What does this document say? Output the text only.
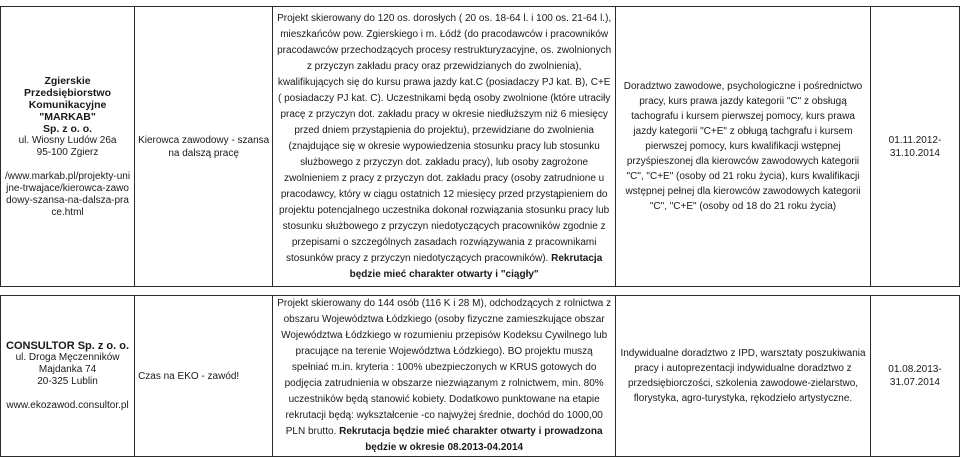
Zgierskie Przedsiębiorstwo

Komunikacyjne "MARKAB"

Sp. z o. o.

ul. Wiosny Ludów 26a

95-100 Zgierz

/www.markab.pl/projekty-unijne-trwajace/kierowca-zawodowy-szansa-na-dalsza-prace.html

	Kierowca zawodowy - szansa na dalszą pracę	Projekt skierowany do 120 os. dorosłych ( 20 os. 18-64 l. i 100 os. 21-64 l.), mieszkańców pow. Zgierskiego i m. Łódź (do pracodawców i pracowników pracodawców przechodzących procesy restrukturyzacyjne, os. zwolnionych z przyczyn zakładu pracy oraz przewidzianych do zwolnienia), kwalifikujących się do kursu prawa jazdy kat.C (posiadaczy PJ kat. B), C+E ( posiadaczy PJ kat. C). Uczestnikami będą osoby zwolnione (które utraciły pracę z przyczyn dot. zakładu pracy w okresie niedłuższym niż 6 miesięcy przed dniem przystąpienia do projektu), przewidziane do zwolnienia (znajdujące się w okresie wypowiedzenia stosunku pracy lub stosunku służbowego z przyczyn dot. zakładu pracy), lub osoby zagrożone zwolnieniem z pracy z przyczyn dot. zakładu pracy (osoby zatrudnione u pracodawcy, który w ciągu ostatnich 12 miesięcy przed przystąpieniem do projektu potencjalnego uczestnika dokonał rozwiązania stosunku pracy lub stosunku służbowego z przyczyn niedotyczących pracowników zgodnie z przepisami o szczególnych zasadach rozwiązywania z pracownikami stosunków pracy z przyczyn niedotyczących pracowników). Rekrutacja będzie mieć charakter otwarty i "ciągły"	Doradztwo zawodowe, psychologiczne i pośrednictwo pracy, kurs prawa jazdy kategorii "C" z obsługą tachografu i kursem pierwszej pomocy, kurs prawa jazdy kategorii "C+E" z obługą tachgrafu i kursem pierwszej pomocy, kurs kwalifikacji wstępnej przyśpieszonej dla kierowców zawodowych kategorii "C", "C+E" (osoby od 21 roku życia), kurs kwalifikacji wstępnej pełnej dla kierowców zawodowych kategorii "C", "C+E" (osoby od 18 do 21 roku życia)	01.11.2012-31.10.2014

CONSULTOR Sp. z o. o.

ul. Droga Męczenników

Majdanka 74

20-325 Lublin

www.ekozawod.consultor.pl

	Czas na EKO - zawód!	Projekt skierowany do 144 osób (116 K i 28 M), odchodzących z rolnictwa z obszaru Województwa Łódzkiego (osoby fizyczne zamieszkujące obszar Województwa Łódzkiego w rozumieniu przepisów Kodeksu Cywilnego lub pracujące na terenie Województwa Łódzkiego). BO projektu muszą spełniać m.in. kryteria : 100% ubezpieczonych w KRUS gotowych do podjęcia zatrudnienia w obszarze niezwiązanym z rolnictwem, min. 80% uczestników będą stanowić kobiety. Dodatkowo punktowane na etapie rekrutacji będą: wykształcenie -co najwyżej średnie, dochód do 1000,00 PLN brutto. Rekrutacja będzie mieć charakter otwarty i prowadzona będzie w okresie 08.2013-04.2014	Indywidualne doradztwo z IPD, warsztaty poszukiwania pracy i autoprezentacji indywidualne doradztwo z przedsiębiorczości, szkolenia zawodowe-zielarstwo, florystyka, agro-turystyka, rękodzieło artystyczne.	01.08.2013-31.07.2014
